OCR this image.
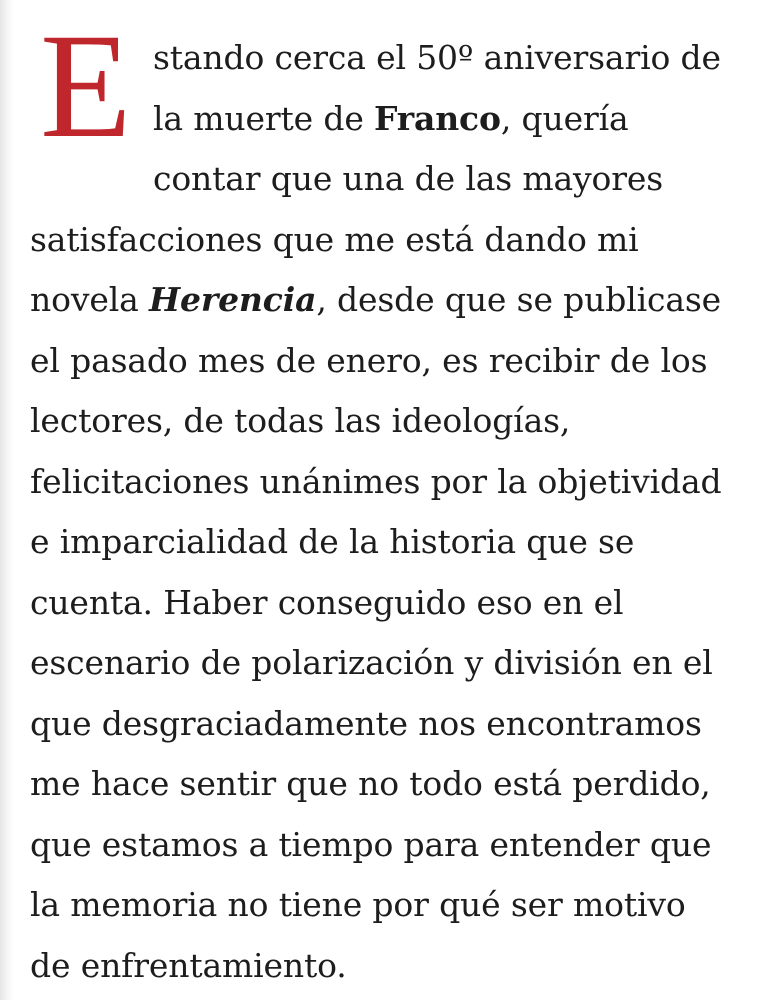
E stando cerca el 50º aniversario de
la muerte de Franco, quería
contar que una de las mayores
satisfacciones que me está dando mi
novela Herencia, desde que se publicase
el pasado mes de enero, es recibir de los
lectores, de todas las ideologías,
felicitaciones unánimes por la objetividad
e imparcialidad de la historia que se
cuenta. Haber conseguido eso en el
escenario de polarización y división en el
que desgraciadamente nos encontramos
me hace sentir que no todo está perdido,
que estamos a tiempo para entender que
la memoria no tiene por qué ser motivo
de enfrentamiento.
